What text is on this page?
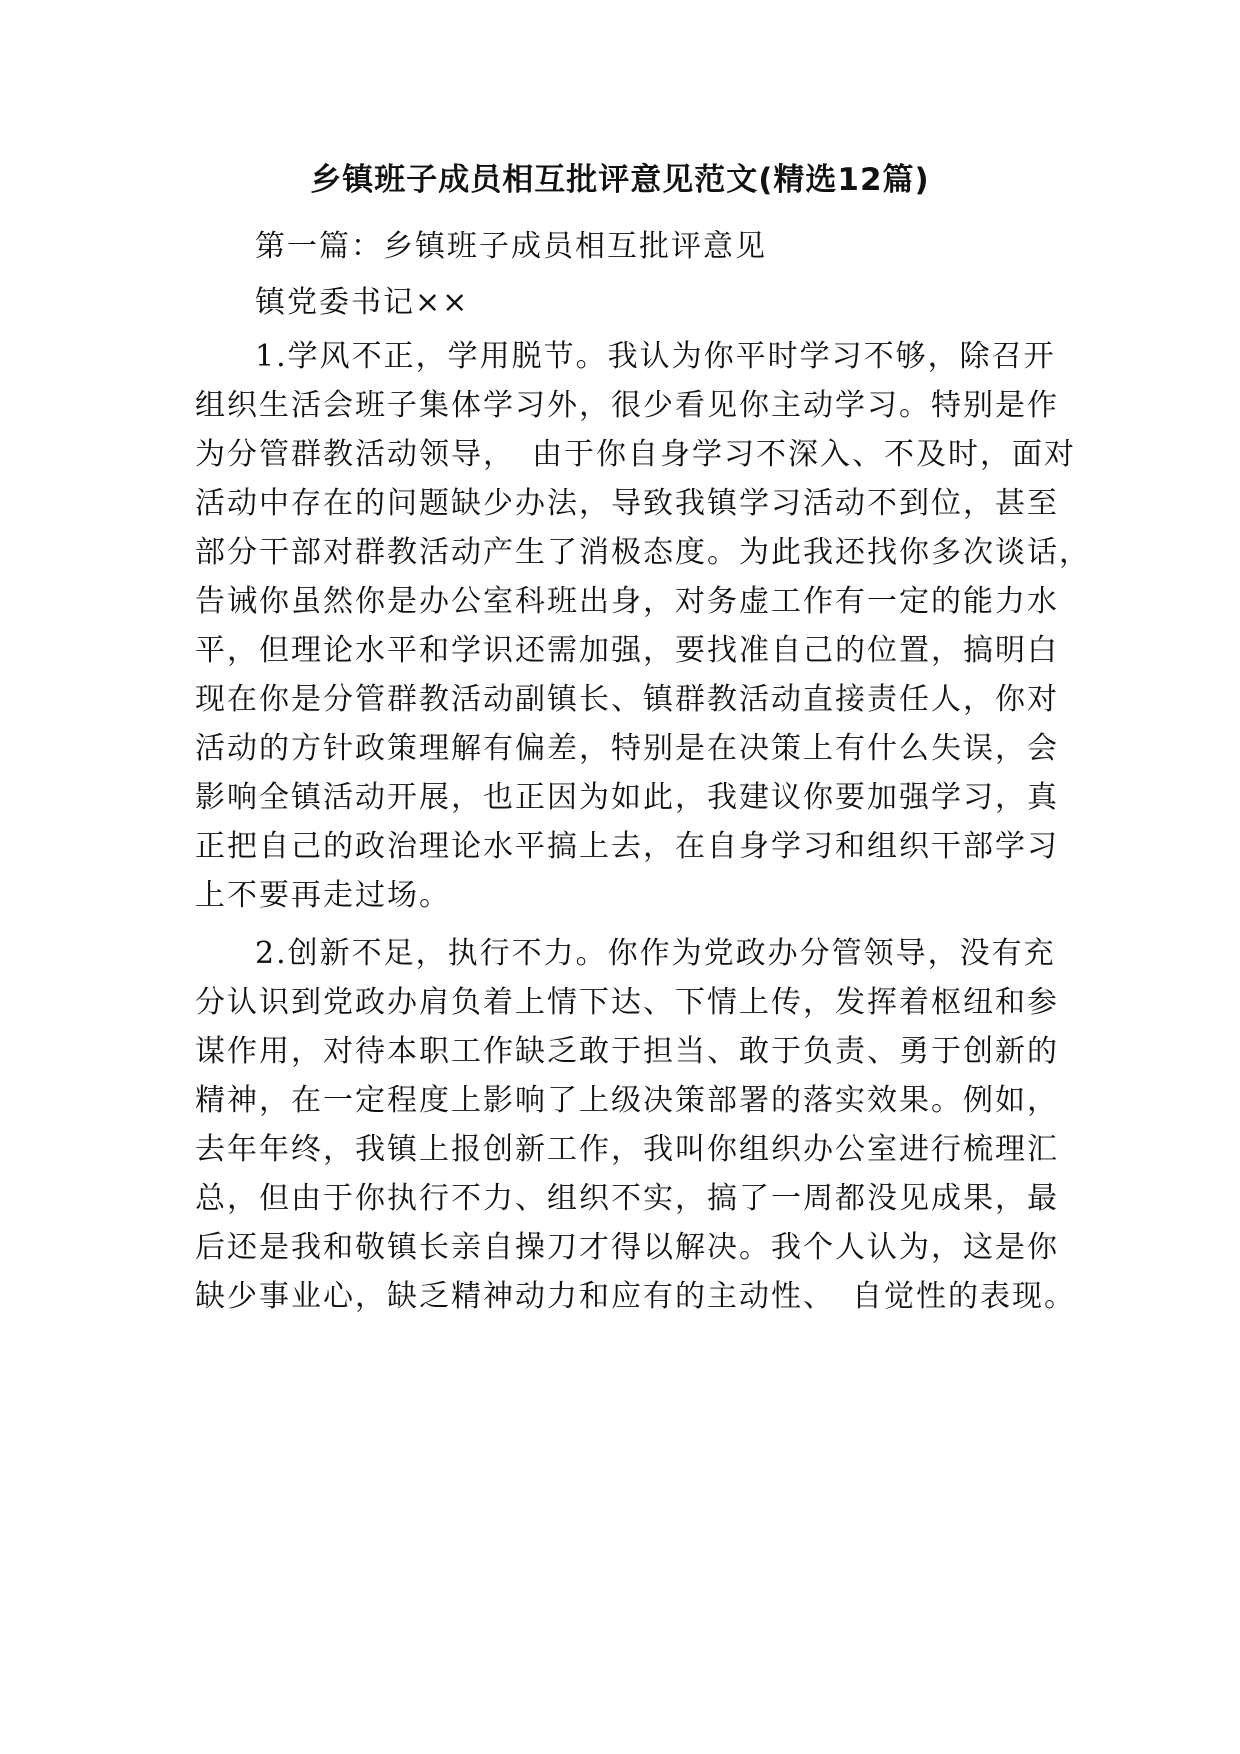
乡镇班子成员相互批评意见范文(精选12篇)

第一篇：乡镇班子成员相互批评意见

镇党委书记××

1.学风不正，学用脱节。我认为你平时学习不够，除召开

组织生活会班子集体学习外，很少看见你主动学习。特别是作

为分管群教活动领导，　由于你自身学习不深入、不及时，面对

活动中存在的问题缺少办法，导致我镇学习活动不到位，甚至

部分干部对群教活动产生了消极态度。为此我还找你多次谈话，

告诫你虽然你是办公室科班出身，对务虚工作有一定的能力水

平，但理论水平和学识还需加强，要找准自己的位置，搞明白

现在你是分管群教活动副镇长、镇群教活动直接责任人，你对

活动的方针政策理解有偏差，特别是在决策上有什么失误，会

影响全镇活动开展，也正因为如此，我建议你要加强学习，真

正把自己的政治理论水平搞上去，在自身学习和组织干部学习

上不要再走过场。

2.创新不足，执行不力。你作为党政办分管领导，没有充

分认识到党政办肩负着上情下达、下情上传，发挥着枢纽和参

谋作用，对待本职工作缺乏敢于担当、敢于负责、勇于创新的

精神，在一定程度上影响了上级决策部署的落实效果。例如，

去年年终，我镇上报创新工作，我叫你组织办公室进行梳理汇

总，但由于你执行不力、组织不实，搞了一周都没见成果，最

后还是我和敬镇长亲自操刀才得以解决。我个人认为，这是你

缺少事业心，缺乏精神动力和应有的主动性、　自觉性的表现。
